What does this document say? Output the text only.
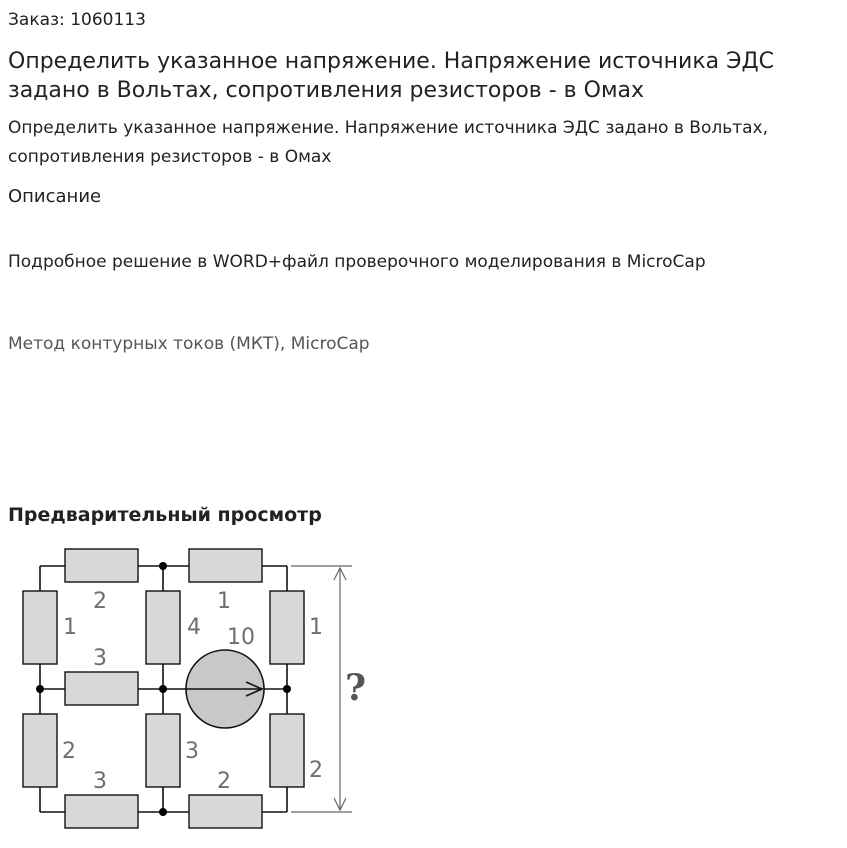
Заказ: 1060113
Определить указанное напряжение. Напряжение источника ЭДС задано в Вольтах, сопротивления резисторов - в Омах
Определить указанное напряжение. Напряжение источника ЭДС задано в Вольтах, сопротивления резисторов - в Омах
Описание
Подробное решение в WORD+файл проверочного моделирования в MicroCap
Метод контурных токов (МКТ), MicroCap
Предварительный просмотр
2
1
1
4	1
3
2	3
2
3	2
10
?
